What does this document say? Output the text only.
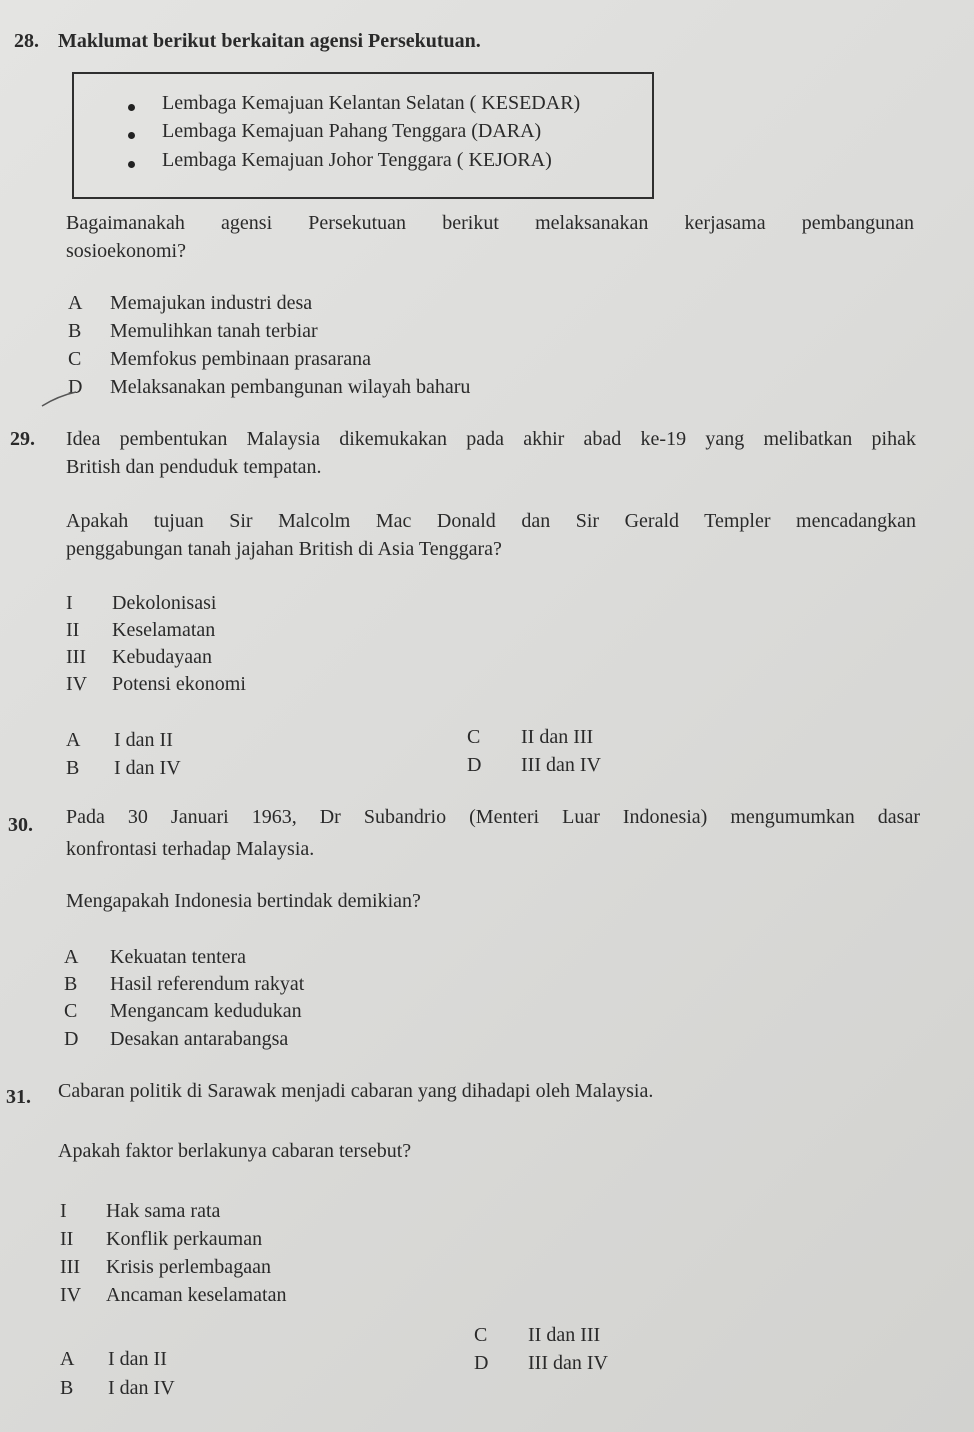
28. Maklumat berikut berkaitan agensi Persekutuan.
Lembaga Kemajuan Kelantan Selatan ( KESEDAR)
Lembaga Kemajuan Pahang Tenggara (DARA)
Lembaga Kemajuan Johor Tenggara ( KEJORA)
Bagaimanakah agensi Persekutuan berikut melaksanakan kerjasama pembangunan
sosioekonomi?
A Memajukan industri desa
B Memulihkan tanah terbiar
C Memfokus pembinaan prasarana
D Melaksanakan pembangunan wilayah baharu
29. Idea pembentukan Malaysia dikemukakan pada akhir abad ke-19 yang melibatkan pihak
British dan penduduk tempatan.
Apakah tujuan Sir Malcolm Mac Donald dan Sir Gerald Templer mencadangkan
penggabungan tanah jajahan British di Asia Tenggara?
I Dekolonisasi
II Keselamatan
III Kebudayaan
IV Potensi ekonomi
A I dan II
B I dan IV
C II dan III
D III dan IV
30. Pada 30 Januari 1963, Dr Subandrio (Menteri Luar Indonesia) mengumumkan dasar
konfrontasi terhadap Malaysia.
Mengapakah Indonesia bertindak demikian?
A Kekuatan tentera
B Hasil referendum rakyat
C Mengancam kedudukan
D Desakan antarabangsa
31. Cabaran politik di Sarawak menjadi cabaran yang dihadapi oleh Malaysia.
Apakah faktor berlakunya cabaran tersebut?
I Hak sama rata
II Konflik perkauman
III Krisis perlembagaan
IV Ancaman keselamatan
A I dan II
B I dan IV
C II dan III
D III dan IV
